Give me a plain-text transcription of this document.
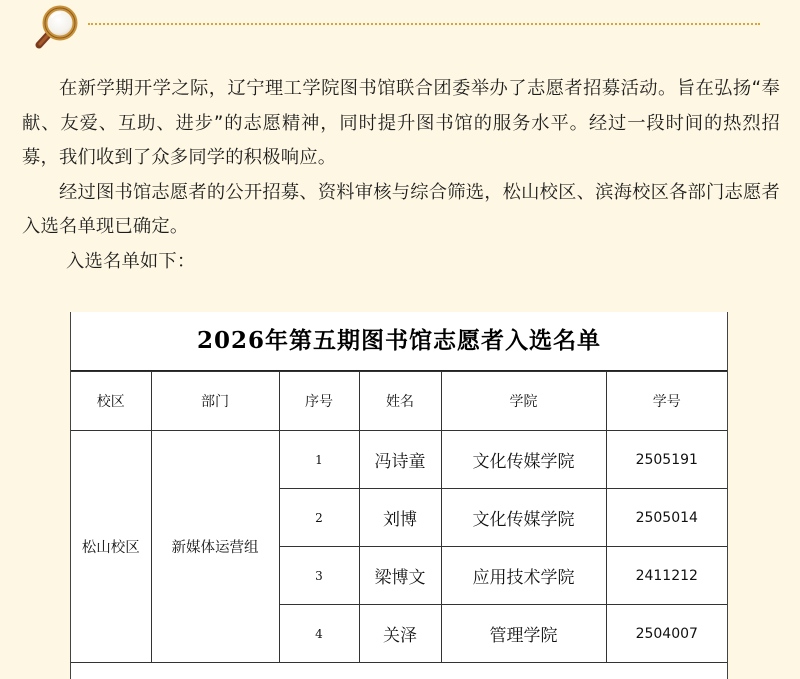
在新学期开学之际，辽宁理工学院图书馆联合团委举办了志愿者招募活动。旨在弘扬“奉献、友爱、互助、进步”的志愿精神，同时提升图书馆的服务水平。经过一段时间的热烈招募，我们收到了众多同学的积极响应。

经过图书馆志愿者的公开招募、资料审核与综合筛选，松山校区、滨海校区各部门志愿者入选名单现已确定。

入选名单如下：

2026年第五期图书馆志愿者入选名单
校区	部门	序号	姓名	学院	学号
松山校区	新媒体运营组	1	冯诗童	文化传媒学院	2505191
		2	刘博	文化传媒学院	2505014
		3	梁博文	应用技术学院	2411212
		4	关泽	管理学院	2504007
